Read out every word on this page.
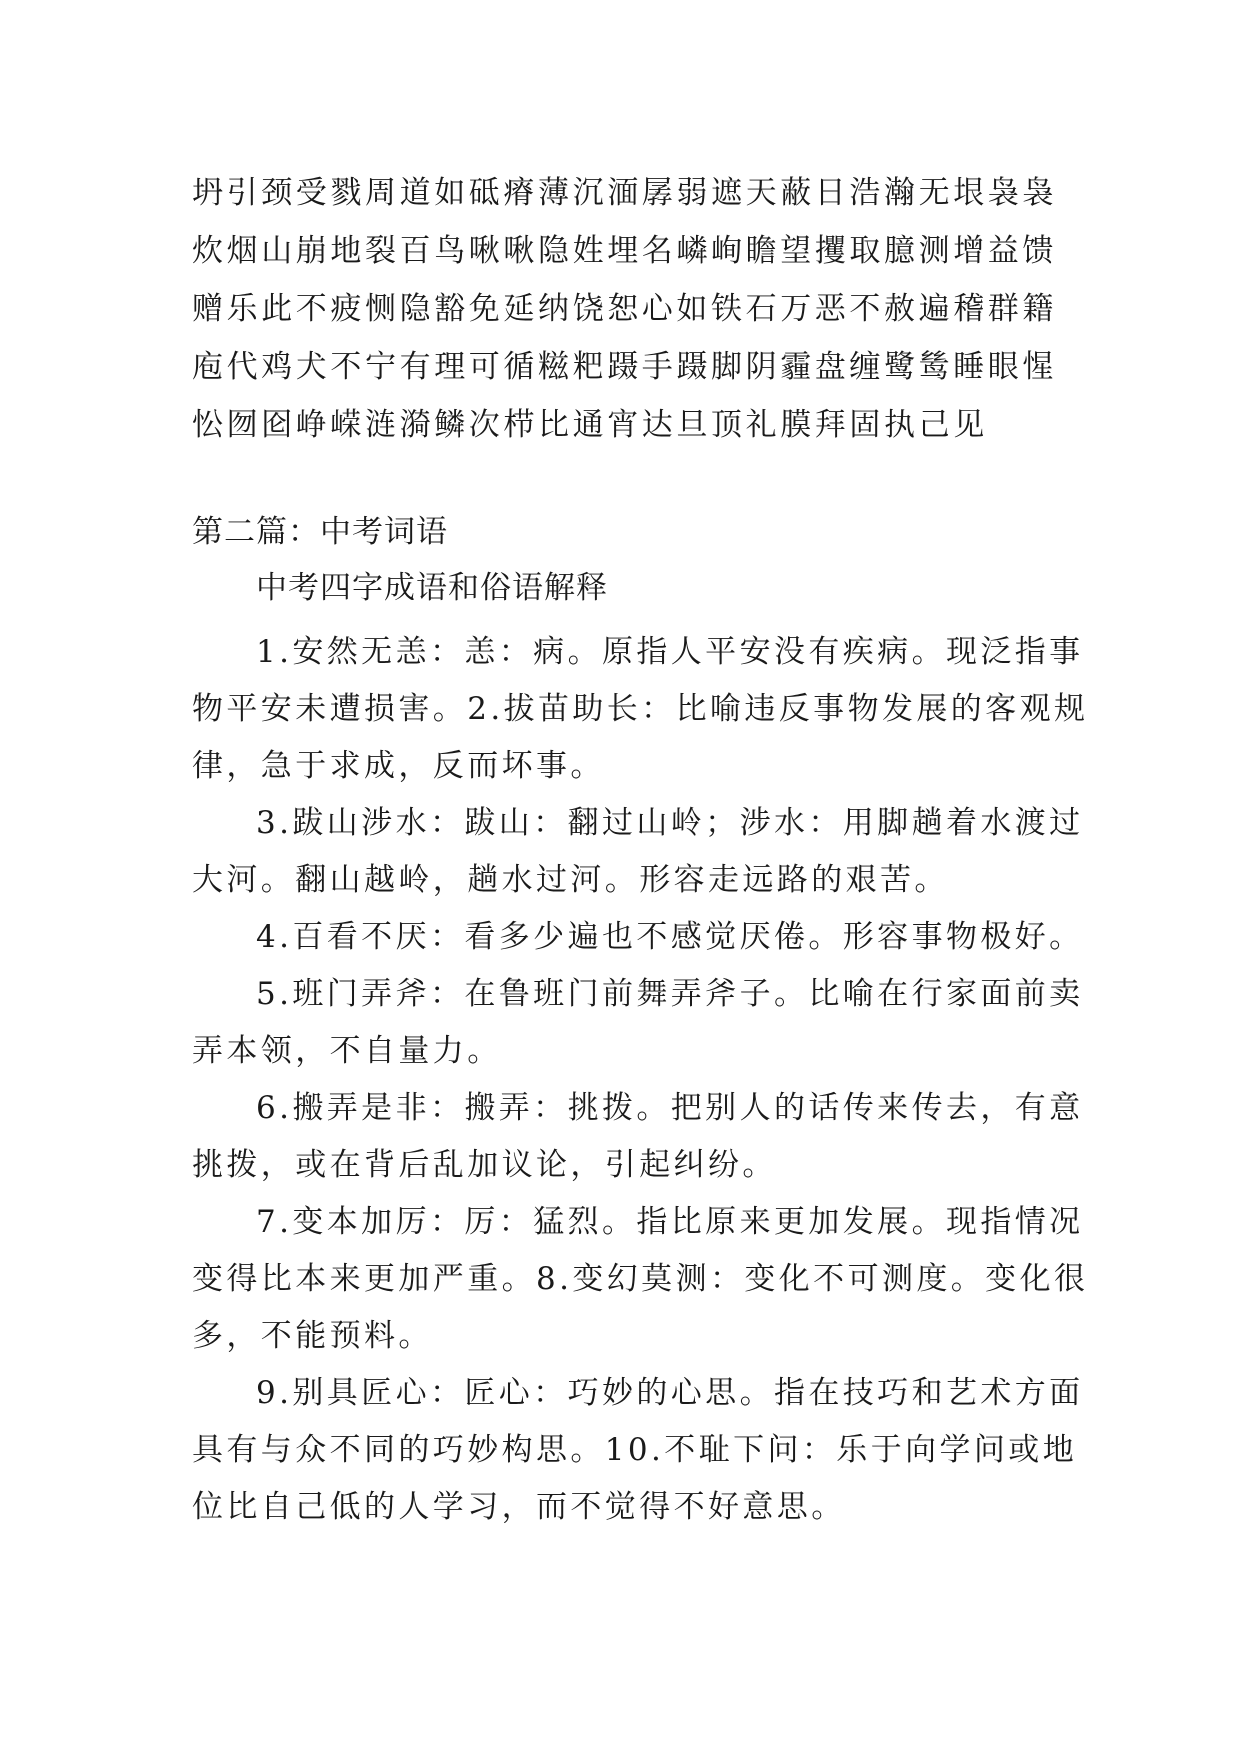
坍引颈受戮周道如砥瘠薄沉湎孱弱遮天蔽日浩瀚无垠袅袅
炊烟山崩地裂百鸟啾啾隐姓埋名嶙峋瞻望攫取臆测增益馈
赠乐此不疲恻隐豁免延纳饶恕心如铁石万恶不赦遍稽群籍
庖代鸡犬不宁有理可循糍粑蹑手蹑脚阴霾盘缠鹭鸶睡眼惺
忪囫囵峥嵘涟漪鳞次栉比通宵达旦顶礼膜拜固执己见
第二篇：中考词语
中考四字成语和俗语解释
1.安然无恙：恙：病。原指人平安没有疾病。现泛指事
物平安未遭损害。2.拔苗助长：比喻违反事物发展的客观规
律，急于求成，反而坏事。
3.跋山涉水：跋山：翻过山岭；涉水：用脚趟着水渡过
大河。翻山越岭，趟水过河。形容走远路的艰苦。
4.百看不厌：看多少遍也不感觉厌倦。形容事物极好。
5.班门弄斧：在鲁班门前舞弄斧子。比喻在行家面前卖
弄本领，不自量力。
6.搬弄是非：搬弄：挑拨。把别人的话传来传去，有意
挑拨，或在背后乱加议论，引起纠纷。
7.变本加厉：厉：猛烈。指比原来更加发展。现指情况
变得比本来更加严重。8.变幻莫测：变化不可测度。变化很
多，不能预料。
9.别具匠心：匠心：巧妙的心思。指在技巧和艺术方面
具有与众不同的巧妙构思。10.不耻下问：乐于向学问或地
位比自己低的人学习，而不觉得不好意思。
